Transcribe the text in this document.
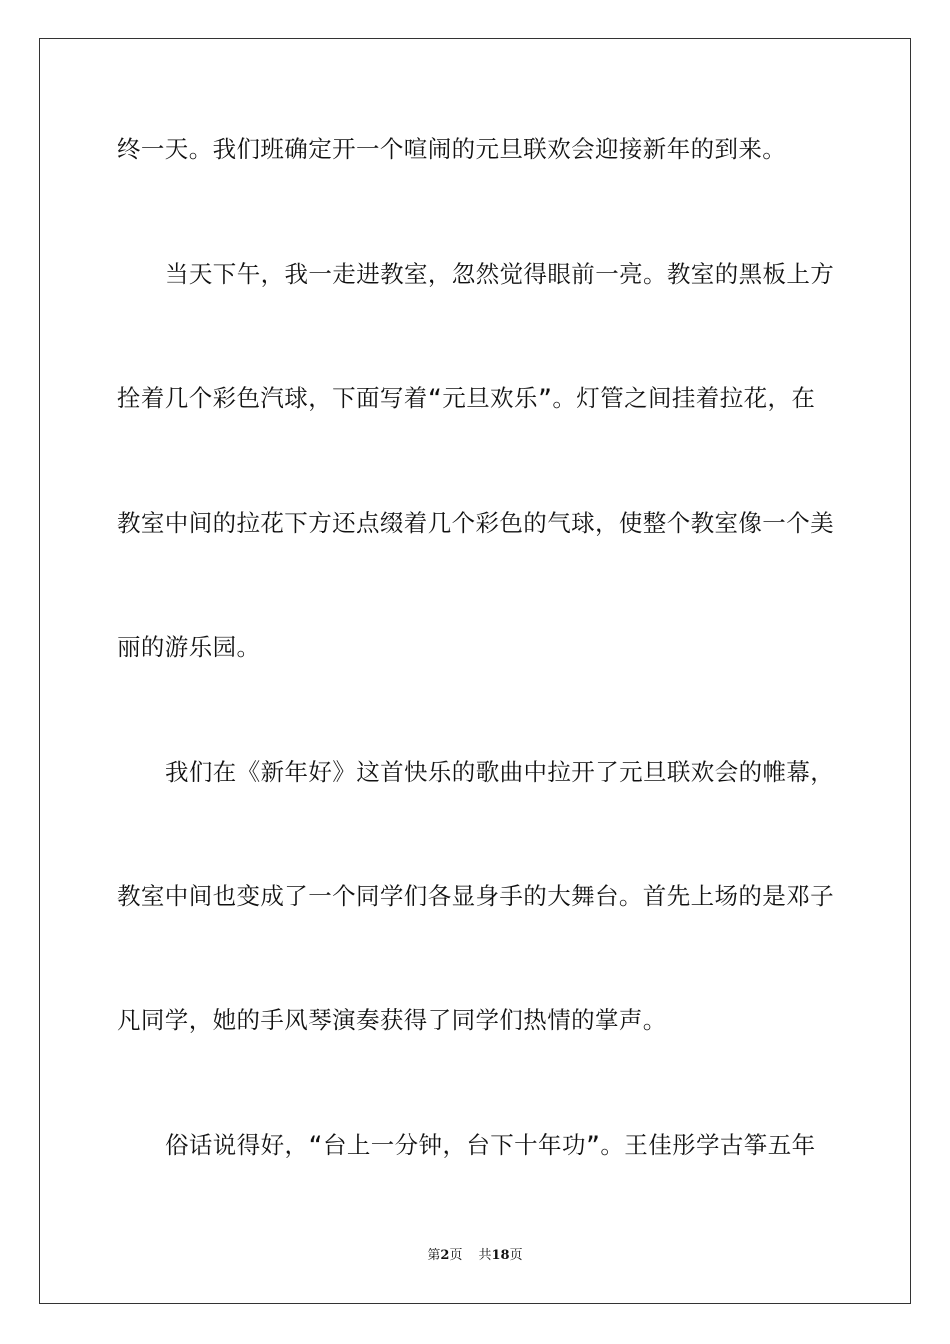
终一天。我们班确定开一个喧闹的元旦联欢会迎接新年的到来。
当天下午，我一走进教室，忽然觉得眼前一亮。教室的黑板上方
拴着几个彩色汽球，下面写着“元旦欢乐”。灯管之间挂着拉花，在
教室中间的拉花下方还点缀着几个彩色的气球，使整个教室像一个美
丽的游乐园。
我们在《新年好》这首快乐的歌曲中拉开了元旦联欢会的帷幕，
教室中间也变成了一个同学们各显身手的大舞台。首先上场的是邓子
凡同学，她的手风琴演奏获得了同学们热情的掌声。
俗话说得好，“台上一分钟，台下十年功”。王佳彤学古筝五年
第2页 共18页
